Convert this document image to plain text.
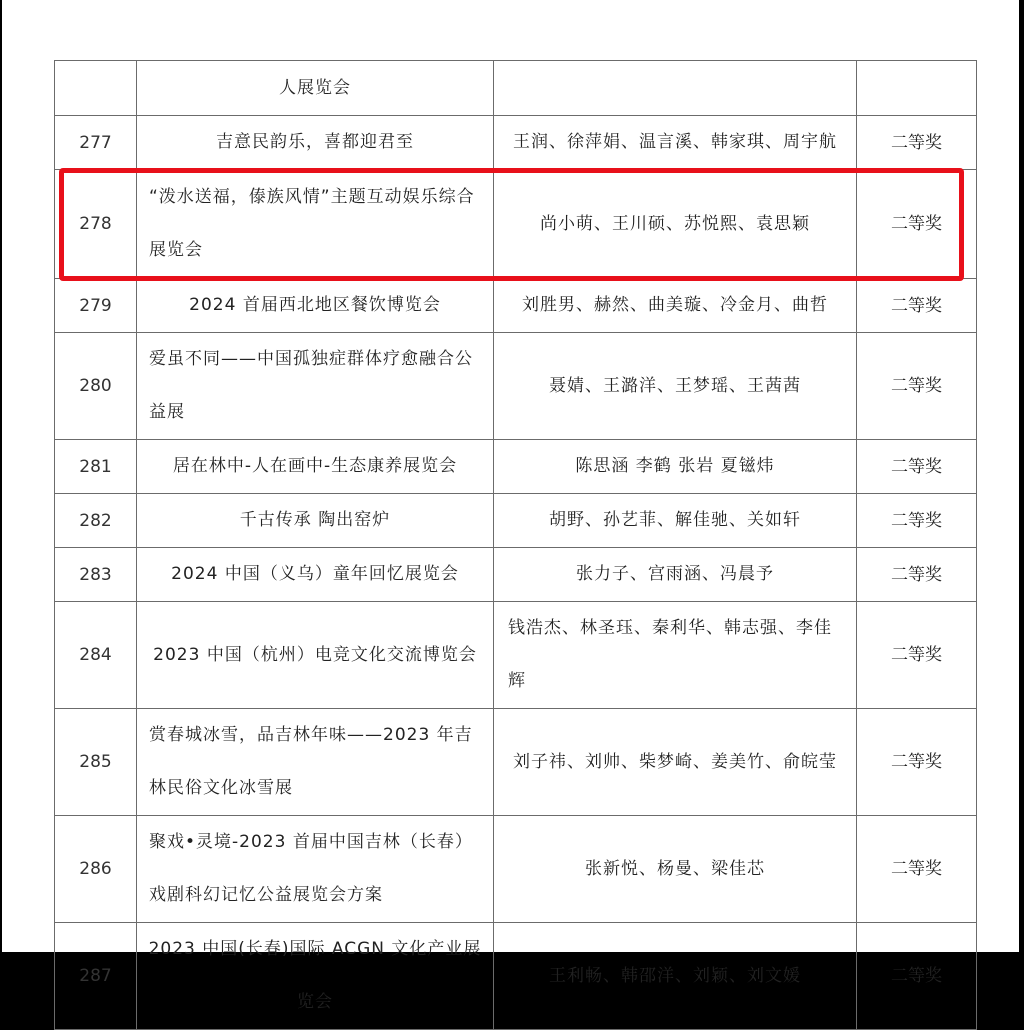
	人展览会		
277	吉意民韵乐，喜都迎君至	王润、徐萍娟、温言溪、韩家琪、周宇航	二等奖
278	“泼水送福，傣族风情”主题互动娱乐综合展览会	尚小萌、王川硕、苏悦熙、袁思颖	二等奖
279	2024 首届西北地区餐饮博览会	刘胜男、赫然、曲美璇、冷金月、曲哲	二等奖
280	爱虽不同——中国孤独症群体疗愈融合公益展	聂婧、王潞洋、王梦瑶、王茜茜	二等奖
281	居在林中-人在画中-生态康养展览会	陈思涵 李鹤 张岩 夏镃炜	二等奖
282	千古传承 陶出窑炉	胡野、孙艺菲、解佳驰、关如轩	二等奖
283	2024 中国（义乌）童年回忆展览会	张力子、宫雨涵、冯晨予	二等奖
284	2023 中国（杭州）电竞文化交流博览会	钱浩杰、林圣珏、秦利华、韩志强、李佳辉	二等奖
285	赏春城冰雪，品吉林年味——2023 年吉林民俗文化冰雪展	刘子祎、刘帅、柴梦崎、姜美竹、俞皖莹	二等奖
286	聚戏•灵境-2023 首届中国吉林（长春）戏剧科幻记忆公益展览会方案	张新悦、杨曼、梁佳芯	二等奖
287	2023 中国(长春)国际 ACGN 文化产业展览会	王利畅、韩邵洋、刘颖、刘文媛	二等奖
